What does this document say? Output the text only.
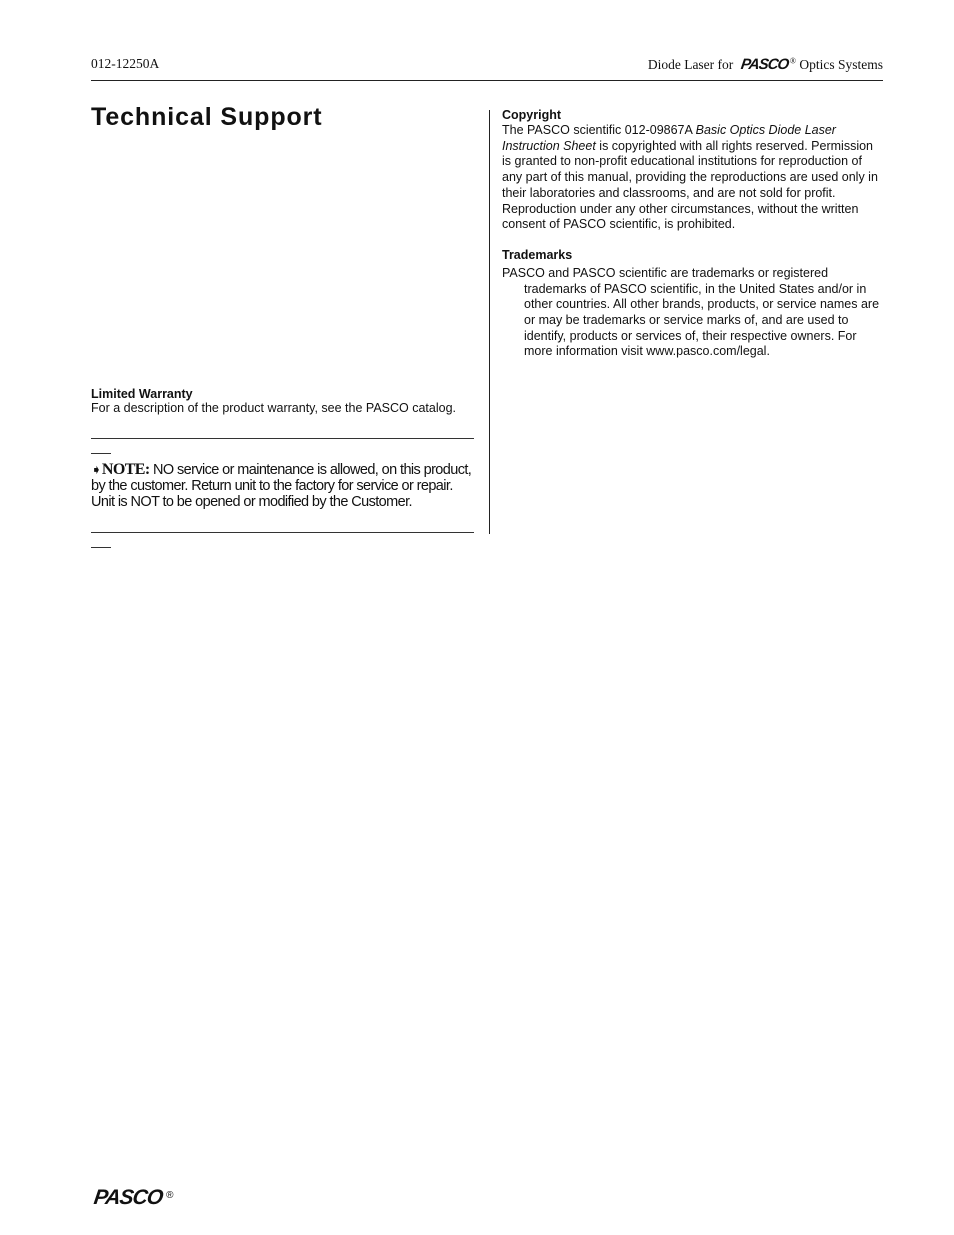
012-12250A	Diode Laser for PASCO® Optics Systems
Technical Support

Limited Warranty

For a description of the product warranty, see the PASCO catalog.

➧NOTE: NO service or maintenance is allowed, on this product, by the customer. Return unit to the factory for service or repair. Unit is NOT to be opened or modified by the Customer.

Copyright

The PASCO scientific 012-09867A Basic Optics Diode Laser Instruction Sheet is copyrighted with all rights reserved. Permission is granted to non-profit educational institutions for reproduction of any part of this manual, providing the reproductions are used only in their laboratories and classrooms, and are not sold for profit. Reproduction under any other circumstances, without the written consent of PASCO scientific, is prohibited.

Trademarks

PASCO and PASCO scientific are trademarks or registered trademarks of PASCO scientific, in the United States and/or in other countries. All other brands, products, or service names are or may be trademarks or service marks of, and are used to identify, products or services of, their respective owners. For more information visit www.pasco.com/legal.

PASCO ®
